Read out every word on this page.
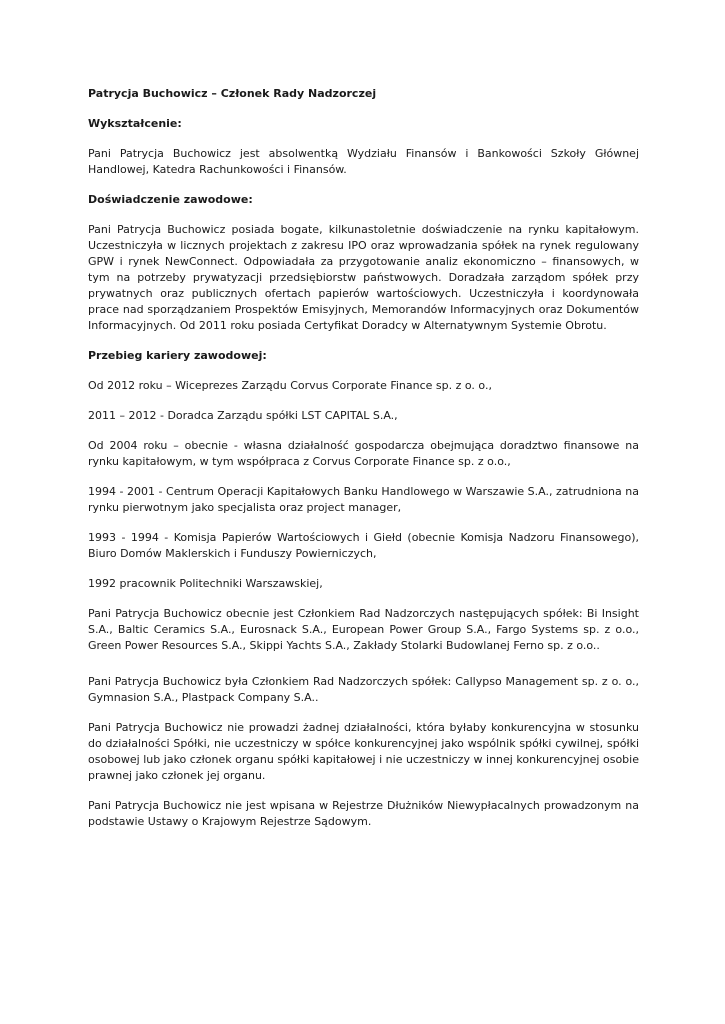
Patrycja Buchowicz – Członek Rady Nadzorczej

Wykształcenie:

Pani Patrycja Buchowicz jest absolwentką Wydziału Finansów i Bankowości Szkoły Głównej Handlowej, Katedra Rachunkowości i Finansów.

Doświadczenie zawodowe:

Pani Patrycja Buchowicz posiada bogate, kilkunastoletnie doświadczenie na rynku kapitałowym. Uczestniczyła w licznych projektach z zakresu IPO oraz wprowadzania spółek na rynek regulowany GPW i rynek NewConnect. Odpowiadała za przygotowanie analiz ekonomiczno – finansowych, w tym na potrzeby prywatyzacji przedsiębiorstw państwowych. Doradzała zarządom spółek przy prywatnych oraz publicznych ofertach papierów wartościowych. Uczestniczyła i koordynowała prace nad sporządzaniem Prospektów Emisyjnych, Memorandów Informacyjnych oraz Dokumentów Informacyjnych. Od 2011 roku posiada Certyfikat Doradcy w Alternatywnym Systemie Obrotu.

Przebieg kariery zawodowej:

Od 2012 roku – Wiceprezes Zarządu Corvus Corporate Finance sp. z o. o.,

2011 – 2012 - Doradca Zarządu spółki LST CAPITAL S.A.,

Od 2004 roku – obecnie - własna działalność gospodarcza obejmująca doradztwo finansowe na rynku kapitałowym, w tym współpraca z Corvus Corporate Finance sp. z o.o.,

1994 - 2001 - Centrum Operacji Kapitałowych Banku Handlowego w Warszawie S.A., zatrudniona na rynku pierwotnym jako specjalista oraz project manager,

1993 - 1994 - Komisja Papierów Wartościowych i Giełd (obecnie Komisja Nadzoru Finansowego), Biuro Domów Maklerskich i Funduszy Powierniczych,

1992 pracownik Politechniki Warszawskiej,

Pani Patrycja Buchowicz obecnie jest Członkiem Rad Nadzorczych następujących spółek: Bi Insight S.A., Baltic Ceramics S.A., Eurosnack S.A., European Power Group S.A., Fargo Systems sp. z o.o., Green Power Resources S.A., Skippi Yachts S.A., Zakłady Stolarki Budowlanej Ferno sp. z o.o..

Pani Patrycja Buchowicz była Członkiem Rad Nadzorczych spółek: Callypso Management sp. z o. o., Gymnasion S.A., Plastpack Company S.A..

Pani Patrycja Buchowicz nie prowadzi żadnej działalności, która byłaby konkurencyjna w stosunku do działalności Spółki, nie uczestniczy w spółce konkurencyjnej jako wspólnik spółki cywilnej, spółki osobowej lub jako członek organu spółki kapitałowej i nie uczestniczy w innej konkurencyjnej osobie prawnej jako członek jej organu.

Pani Patrycja Buchowicz nie jest wpisana w Rejestrze Dłużników Niewypłacalnych prowadzonym na podstawie Ustawy o Krajowym Rejestrze Sądowym.
